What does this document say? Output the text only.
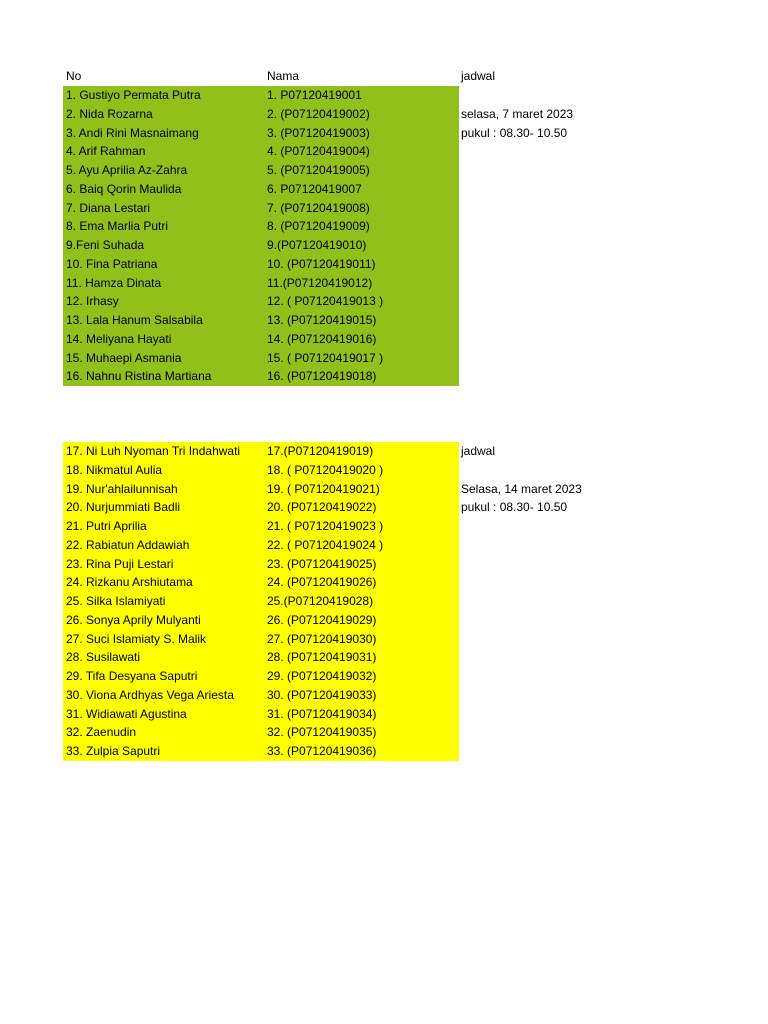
No	Nama	jadwal
1. Gustiyo Permata Putra	1. P07120419001
2. Nida Rozarna	2. (P07120419002)	selasa, 7 maret 2023
3. Andi Rini Masnaimang	3. (P07120419003)	pukul : 08.30- 10.50
4. Arif Rahman	4. (P07120419004)
5. Ayu Aprilia Az-Zahra	5. (P07120419005)
6. Baiq Qorin Maulida	6. P07120419007
7. Diana Lestari	7. (P07120419008)
8. Ema Marlia Putri	8. (P07120419009)
9.Feni Suhada	9.(P07120419010)
10. Fina Patriana	10. (P07120419011)
11. Hamza Dinata	11.(P07120419012)
12. Irhasy	12. ( P07120419013 )
13. Lala Hanum Salsabila	13. (P07120419015)
14. Meliyana Hayati	14. (P07120419016)
15. Muhaepi Asmania	15. ( P07120419017 )
16. Nahnu Ristina Martiana	16. (P07120419018)
17. Ni Luh Nyoman Tri Indahwati	17.(P07120419019)	jadwal
18. Nikmatul Aulia	18. ( P07120419020 )
19. Nur'ahlailunnisah	19. ( P07120419021)	Selasa, 14 maret 2023
20. Nurjummiati Badli	20. (P07120419022)	pukul : 08.30- 10.50
21. Putri Aprilia	21. ( P07120419023 )
22. Rabiatun Addawiah	22. ( P07120419024 )
23. Rina Puji Lestari	23. (P07120419025)
24. Rizkanu Arshiutama	24. (P07120419026)
25. Silka Islamiyati	25.(P07120419028)
26. Sonya Aprily Mulyanti	26. (P07120419029)
27. Suci Islamiaty S. Malik	27. (P07120419030)
28. Susilawati	28. (P07120419031)
29. Tifa Desyana Saputri	29. (P07120419032)
30. Viona Ardhyas Vega Ariesta	30. (P07120419033)
31. Widiawati Agustina	31. (P07120419034)
32. Zaenudin	32. (P07120419035)
33. Zulpia Saputri	33. (P07120419036)
